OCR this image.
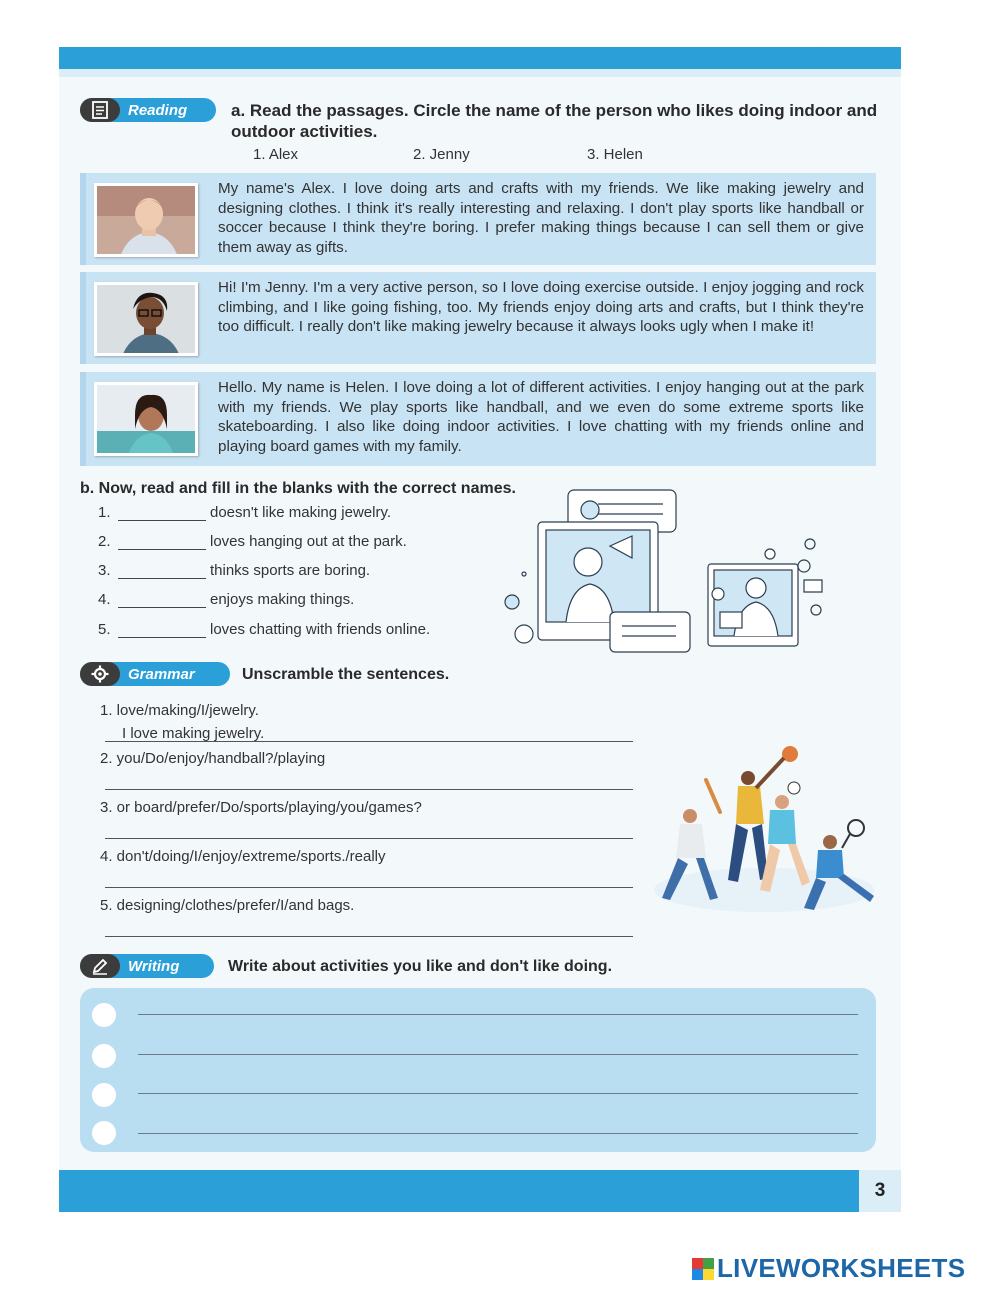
Reading	a. Read the passages. Circle the name of the person who likes doing indoor and outdoor activities.
1. Alex	2. Jenny	3. Helen
My name's Alex. I love doing arts and crafts with my friends. We like making jewelry and designing clothes. I think it's really interesting and relaxing. I don't play sports like handball or soccer because I think they're boring. I prefer making things because I can sell them or give them away as gifts.
Hi! I'm Jenny. I'm a very active person, so I love doing exercise outside. I enjoy jogging and rock climbing, and I like going fishing, too. My friends enjoy doing arts and crafts, but I think they're too difficult. I really don't like making jewelry because it always looks ugly when I make it!
Hello. My name is Helen. I love doing a lot of different activities. I enjoy hanging out at the park with my friends. We play sports like handball, and we even do some extreme sports like skateboarding. I also like doing indoor activities. I love chatting with my friends online and playing board games with my family.
b. Now, read and fill in the blanks with the correct names.
1.	doesn't like making jewelry.
2.	loves hanging out at the park.
3.	thinks sports are boring.
4.	enjoys making things.
5.	loves chatting with friends online.
Grammar	Unscramble the sentences.
1. love/making/I/jewelry.
I love making jewelry.
2. you/Do/enjoy/handball?/playing
3. or board/prefer/Do/sports/playing/you/games?
4. don't/doing/I/enjoy/extreme/sports./really
5. designing/clothes/prefer/I/and bags.
Writing	Write about activities you like and don't like doing.
3
LIVEWORKSHEETS
